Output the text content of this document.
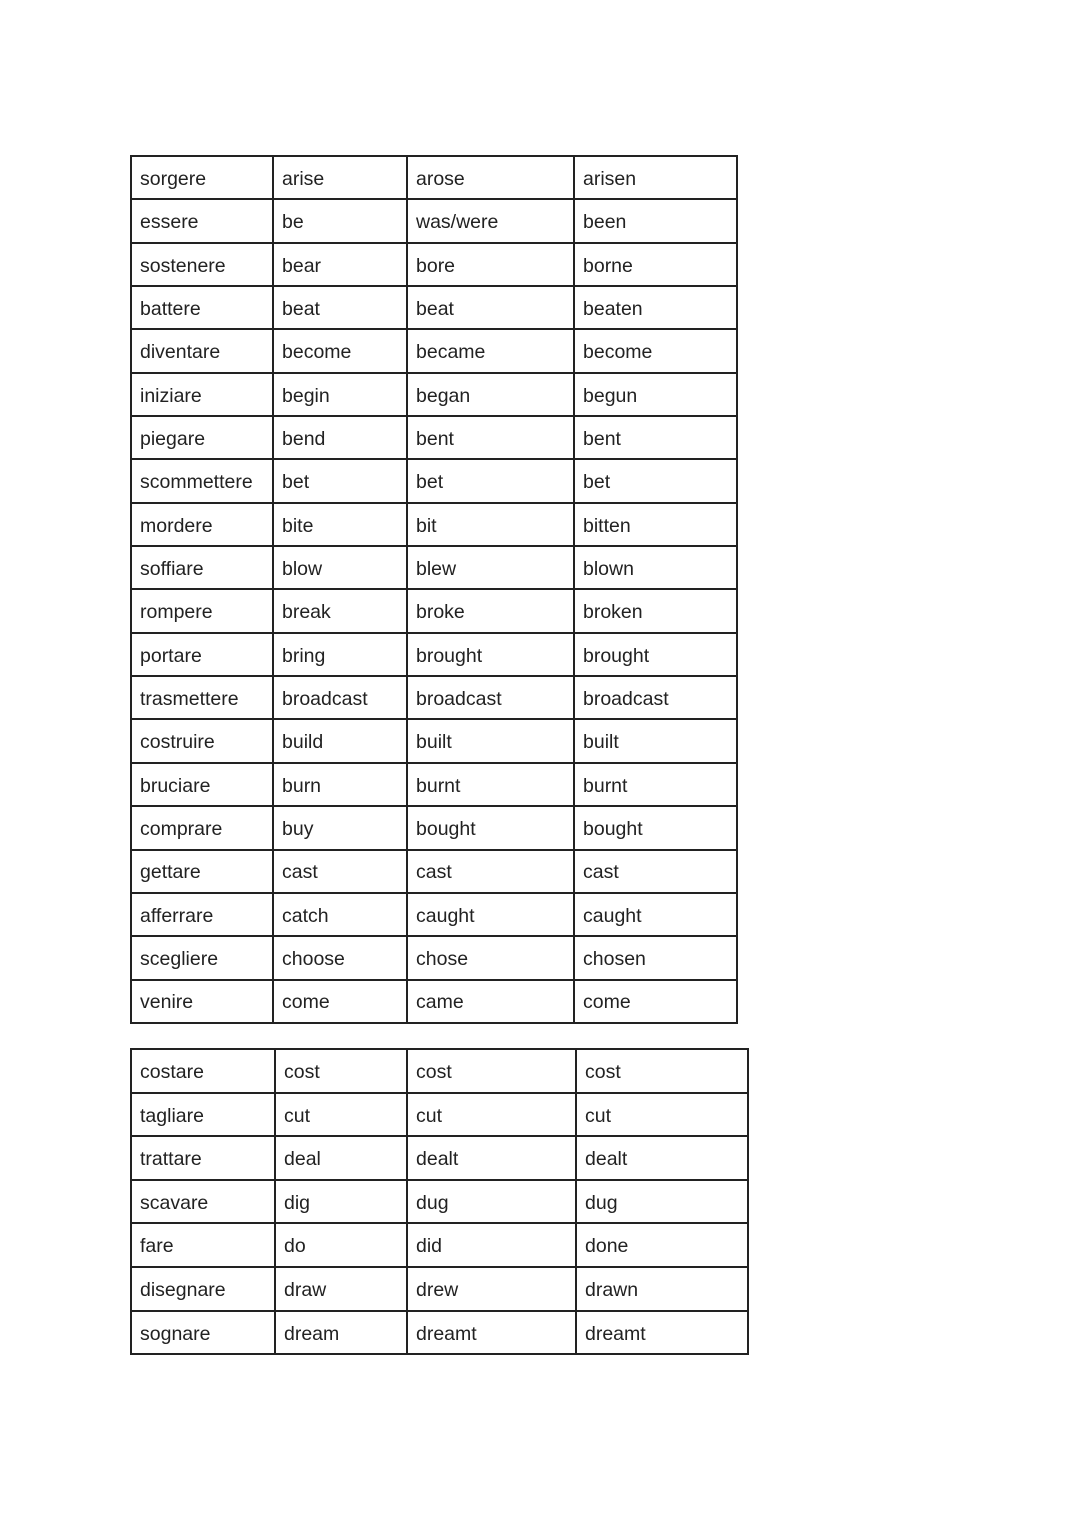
sorgere	arise	arose	arisen
essere	be	was/were	been
sostenere	bear	bore	borne
battere	beat	beat	beaten
diventare	become	became	become
iniziare	begin	began	begun
piegare	bend	bent	bent
scommettere	bet	bet	bet
mordere	bite	bit	bitten
soffiare	blow	blew	blown
rompere	break	broke	broken
portare	bring	brought	brought
trasmettere	broadcast	broadcast	broadcast
costruire	build	built	built
bruciare	burn	burnt	burnt
comprare	buy	bought	bought
gettare	cast	cast	cast
afferrare	catch	caught	caught
scegliere	choose	chose	chosen
venire	come	came	come
costare	cost	cost	cost
tagliare	cut	cut	cut
trattare	deal	dealt	dealt
scavare	dig	dug	dug
fare	do	did	done
disegnare	draw	drew	drawn
sognare	dream	dreamt	dreamt
